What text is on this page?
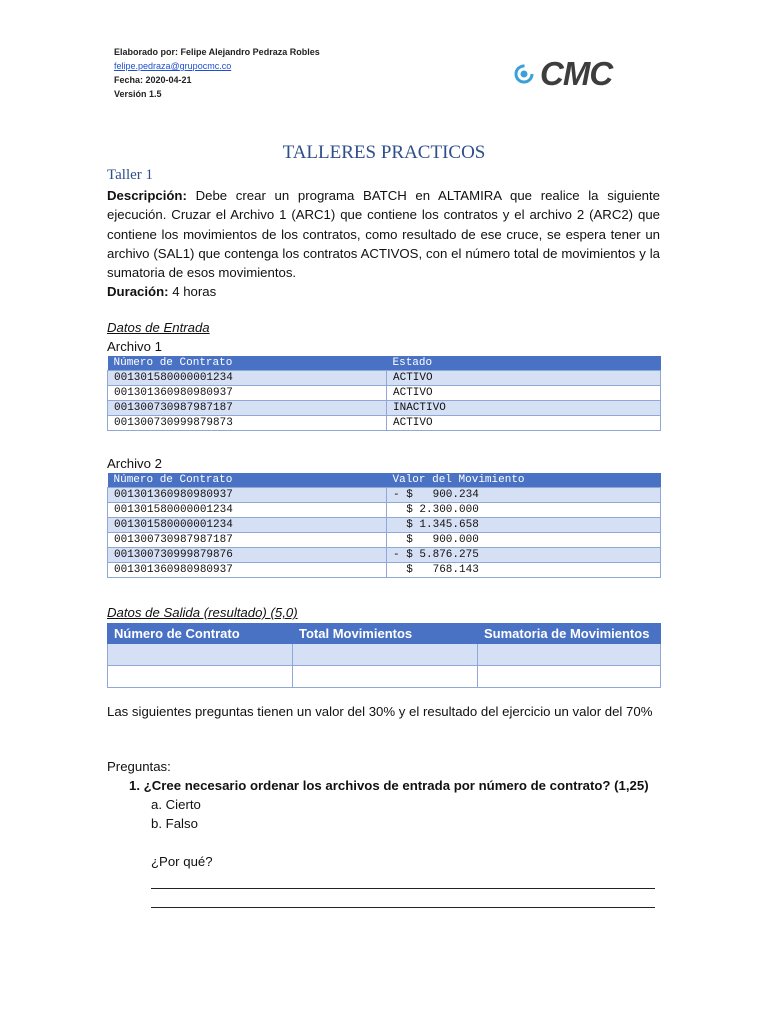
Elaborado por: Felipe Alejandro Pedraza Robles
felipe.pedraza@grupocmc.co
Fecha: 2020-04-21
Versión 1.5
CMC
TALLERES PRACTICOS
Taller 1
Descripción: Debe crear un programa BATCH en ALTAMIRA que realice la siguiente ejecución. Cruzar el Archivo 1 (ARC1) que contiene los contratos y el archivo 2 (ARC2) que contiene los movimientos de los contratos, como resultado de ese cruce, se espera tener un archivo (SAL1) que contenga los contratos ACTIVOS, con el número total de movimientos y la sumatoria de esos movimientos.
Duración: 4 horas
Datos de Entrada
Archivo 1
Número de Contrato	Estado
001301580000001234	ACTIVO
001301360980980937	ACTIVO
001300730987987187	INACTIVO
001300730999879873	ACTIVO
Archivo 2
Número de Contrato	Valor del Movimiento
001301360980980937	- $   900.234
001301580000001234	$ 2.300.000
001301580000001234	$ 1.345.658
001300730987987187	$   900.000
001300730999879876	- $ 5.876.275
001301360980980937	$   768.143
Datos de Salida (resultado) (5,0)
Número de Contrato	Total Movimientos	Sumatoria de Movimientos

Las siguientes preguntas tienen un valor del 30% y el resultado del ejercicio un valor del 70%
Preguntas:
1. ¿Cree necesario ordenar los archivos de entrada por número de contrato? (1,25)
a. Cierto
b. Falso
¿Por qué?
